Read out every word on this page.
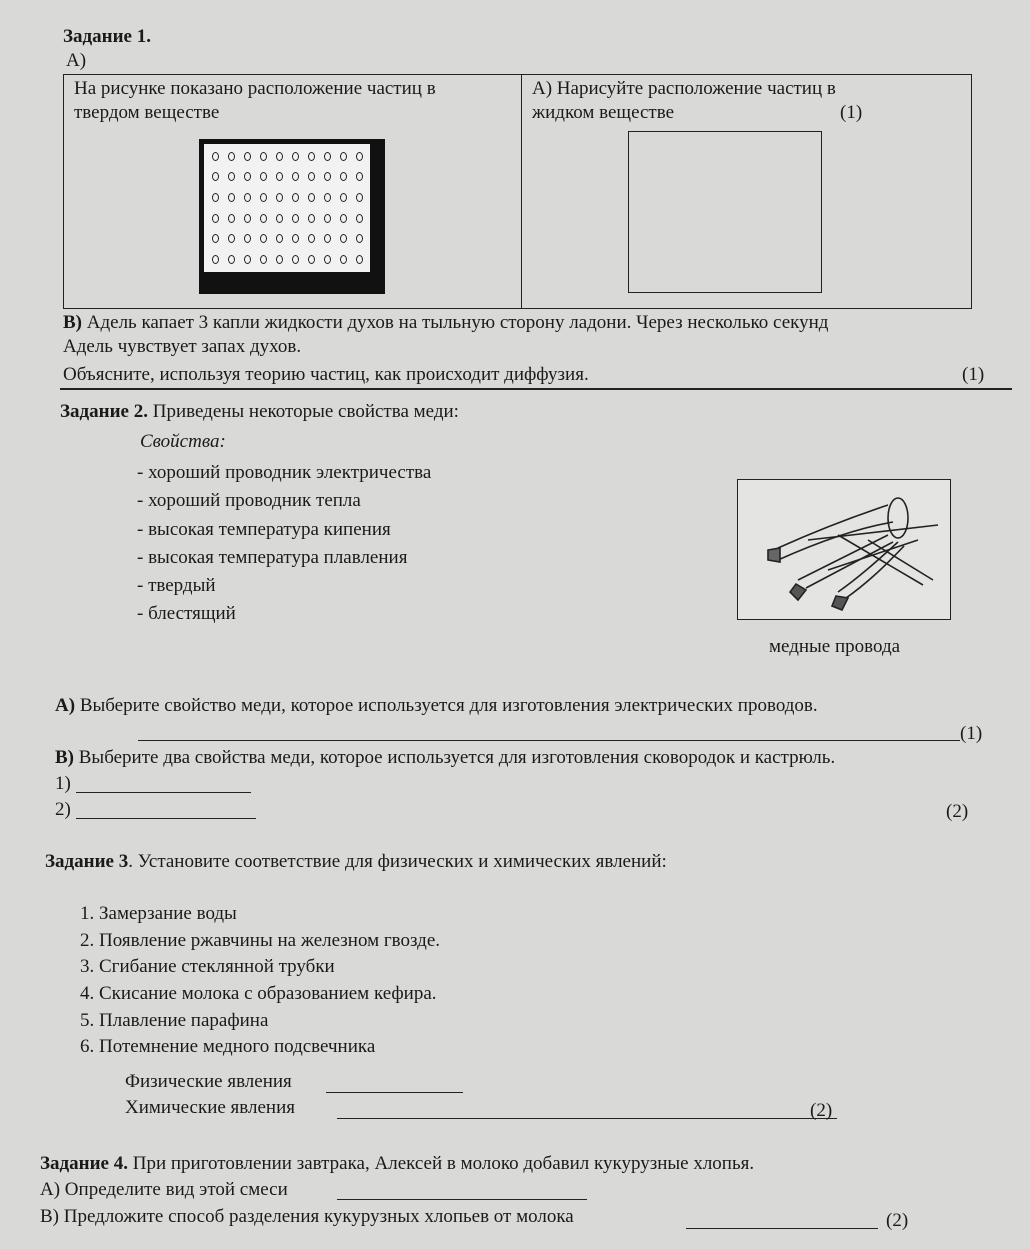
Задание 1.
А)
На рисунке показано расположение частиц в
твердом веществе
А) Нарисуйте расположение частиц в
жидком веществе	(1)
В) Адель капает 3 капли жидкости духов на тыльную сторону ладони. Через несколько секунд
Адель чувствует запах духов.
Объясните, используя теорию частиц, как происходит диффузия.	(1)
Задание 2. Приведены некоторые свойства меди:
Свойства:
- хороший проводник электричества
- хороший проводник тепла
- высокая температура кипения
- высокая температура плавления
- твердый
- блестящий
медные провода
А) Выберите свойство меди, которое используется для изготовления электрических проводов.
(1)
В) Выберите два свойства меди, которое используется для изготовления сковородок и кастрюль.
1)
2)	(2)
Задание 3. Установите соответствие для физических и химических явлений:
1. Замерзание воды
2. Появление ржавчины на железном гвозде.
3. Сгибание стеклянной трубки
4. Скисание молока с образованием кефира.
5. Плавление парафина
6. Потемнение медного подсвечника
Физические явления
Химические явления	(2)
Задание 4. При приготовлении завтрака, Алексей в молоко добавил кукурузные хлопья.
А) Определите вид этой смеси
В) Предложите способ разделения кукурузных хлопьев от молока	(2)
